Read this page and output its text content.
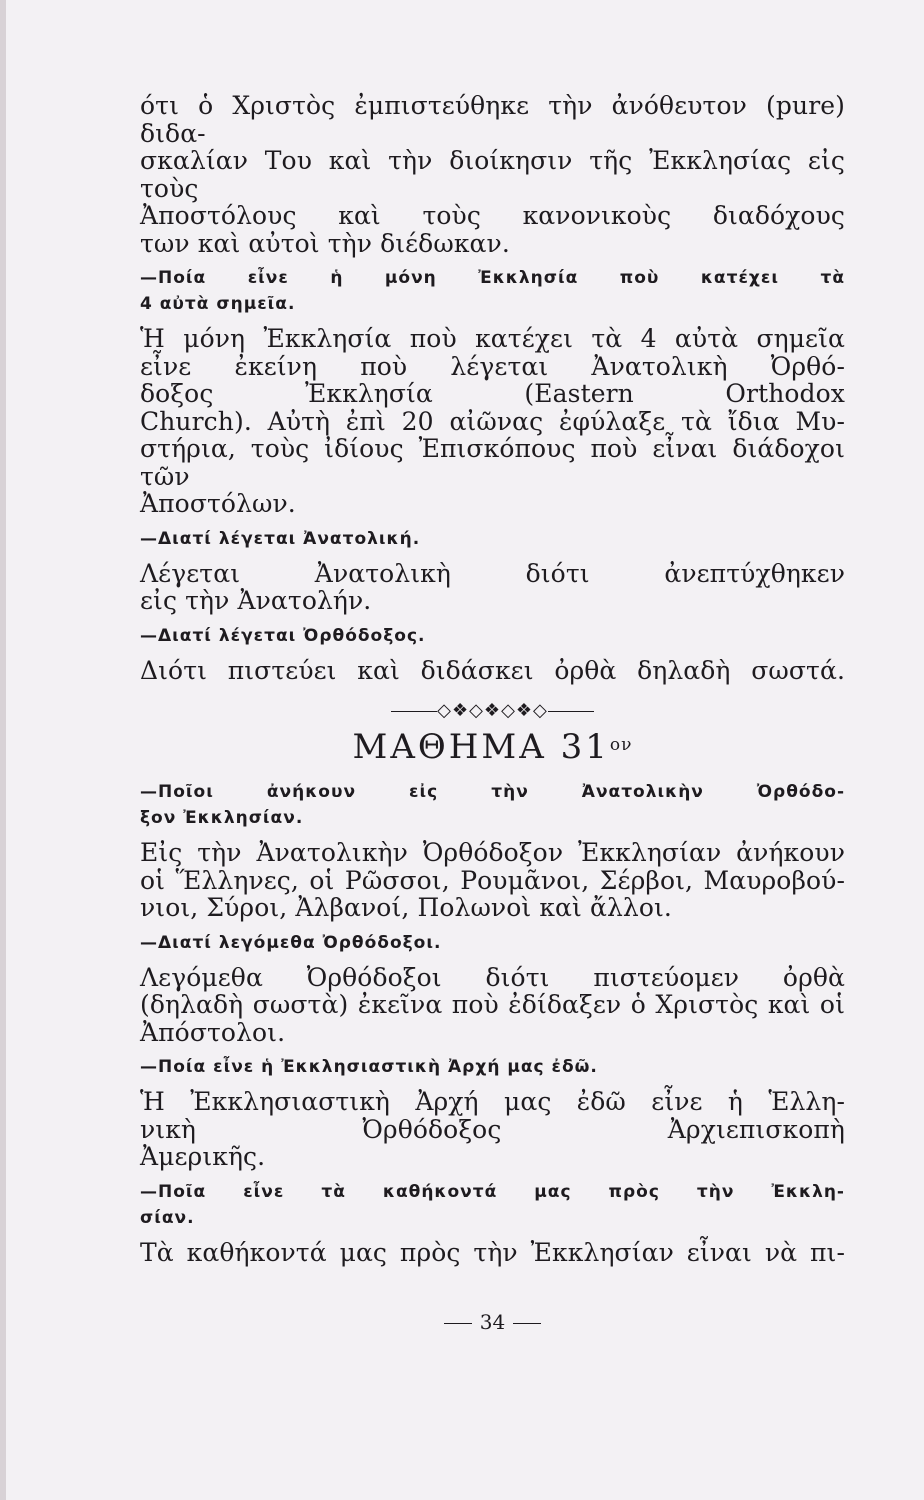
ότι ὁ Χριστὸς ἐμπιστεύθηκε τὴν ἀνόθευτον (pure) διδα-
σκαλίαν Του καὶ τὴν διοίκησιν τῆς Ἐκκλησίας εἰς τοὺς
Ἀποστόλους καὶ τοὺς κανονικοὺς διαδόχους
των καὶ αὐτοὶ τὴν διέδωκαν.
—Ποία εἶνε ἡ μόνη Ἐκκλησία ποὺ κατέχει τὰ
4 αὐτὰ σημεῖα.
Ἡ μόνη Ἐκκλησία ποὺ κατέχει τὰ 4 αὐτὰ σημεῖα
εἶνε ἐκείνη ποὺ λέγεται Ἀνατολικὴ Ὀρθό-
δοξος Ἐκκλησία (Eastern Orthodox
Church). Αὐτὴ ἐπὶ 20 αἰῶνας ἐφύλαξε τὰ ἴδια Μυ-
στήρια, τοὺς ἰδίους Ἐπισκόπους ποὺ εἶναι διάδοχοι τῶν
Ἀποστόλων.
—Διατί λέγεται Ἀνατολική.
Λέγεται Ἀνατολικὴ διότι ἀνεπτύχθηκεν
εἰς τὴν Ἀνατολήν.
—Διατί λέγεται Ὀρθόδοξος.
Διότι πιστεύει καὶ διδάσκει ὀρθὰ δηλαδὴ σωστά.
◇❖◇❖◇❖◇
ΜΑΘΗΜΑ $31^{o\nu}$
—Ποῖοι ἀνήκουν εἰς τὴν Ἀνατολικὴν Ὀρθόδο-
ξον Ἐκκλησίαν.
Εἰς τὴν Ἀνατολικὴν Ὀρθόδοξον Ἐκκλησίαν ἀνήκουν
οἱ Ἕλληνες, οἱ Ρῶσσοι, Ρουμᾶνοι, Σέρβοι, Μαυροβού-
νιοι, Σύροι, Ἀλβανοί, Πολωνοὶ καὶ ἄλλοι.
—Διατί λεγόμεθα Ὀρθόδοξοι.
Λεγόμεθα Ὀρθόδοξοι διότι πιστεύομεν ὀρθὰ
(δηλαδὴ σωστὰ) ἐκεῖνα ποὺ ἐδίδαξεν ὁ Χριστὸς καὶ οἱ
Ἀπόστολοι.
—Ποία εἶνε ἡ Ἐκκλησιαστικὴ Ἀρχή μας ἐδῶ.
Ἡ Ἐκκλησιαστικὴ Ἀρχή μας ἐδῶ εἶνε ἡ Ἑλλη-
νικὴ Ὀρθόδοξος Ἀρχιεπισκοπὴ
Ἀμερικῆς.
—Ποῖα εἶνε τὰ καθήκοντά μας πρὸς τὴν Ἐκκλη-
σίαν.
Τὰ καθήκοντά μας πρὸς τὴν Ἐκκλησίαν εἶναι νὰ πι-
34
